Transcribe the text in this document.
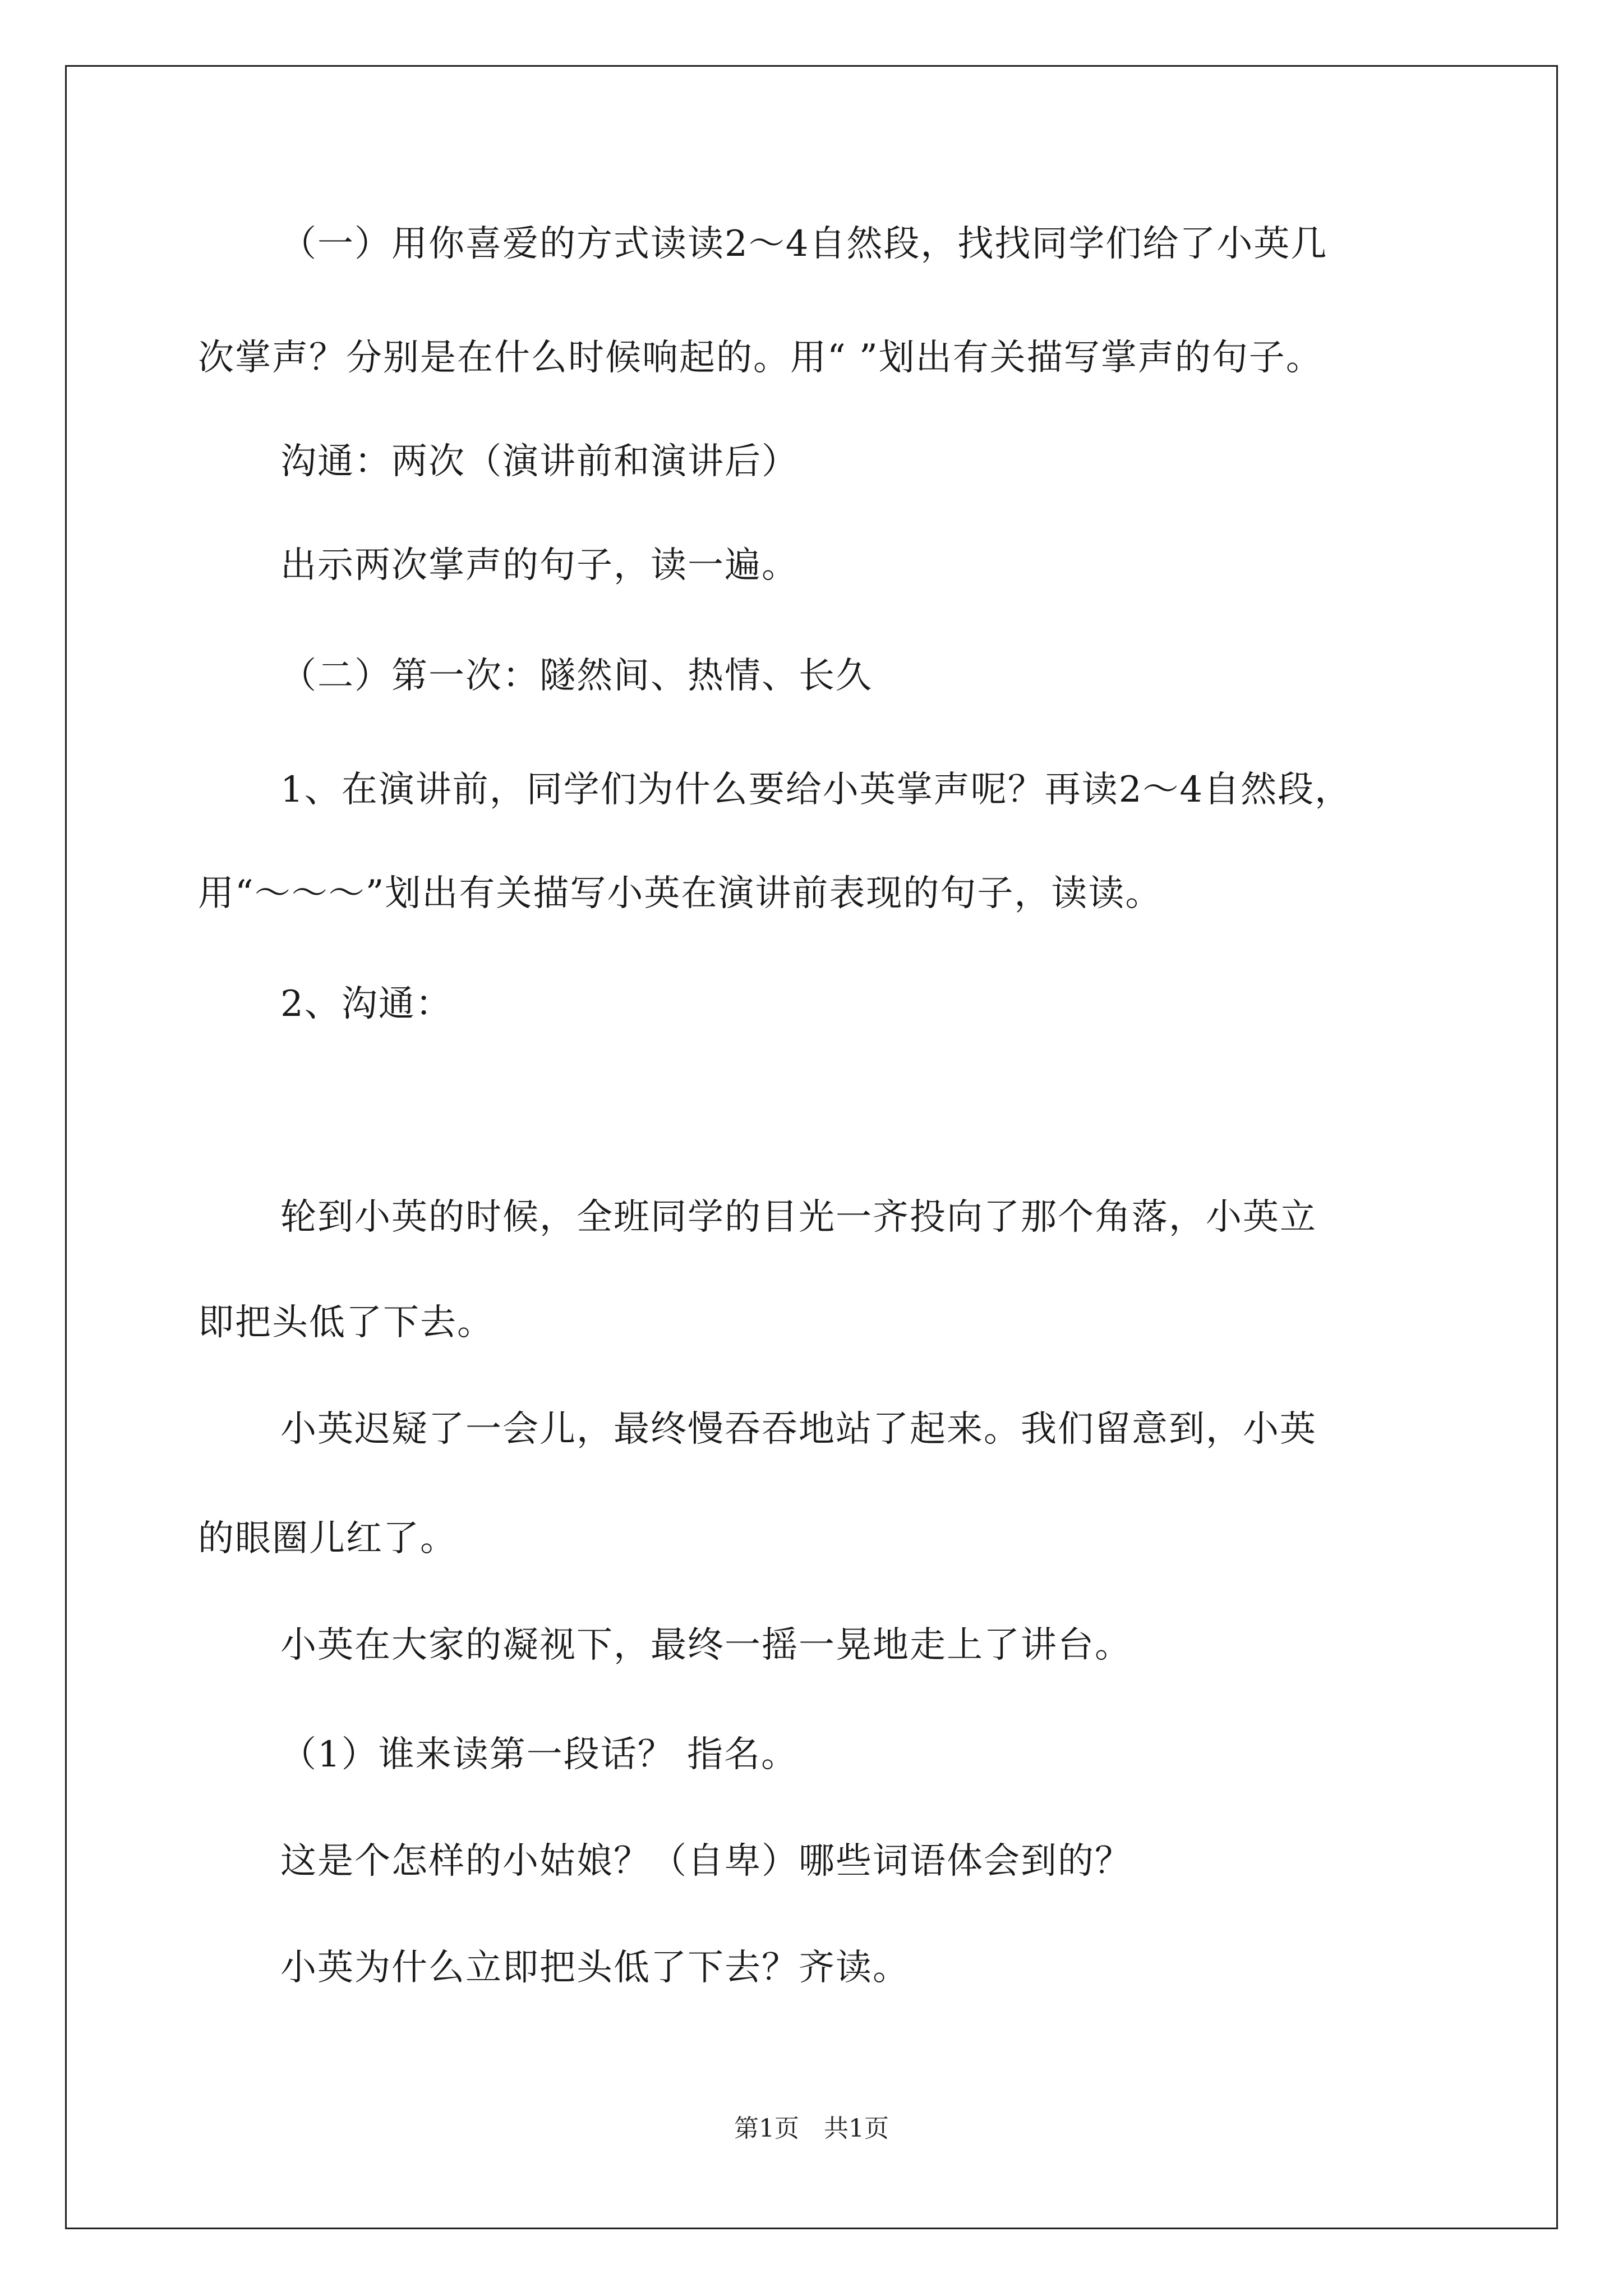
（一）用你喜爱的方式读读2～4自然段，找找同学们给了小英几
次掌声？分别是在什么时候响起的。用“ ”划出有关描写掌声的句子。
沟通：两次（演讲前和演讲后）
出示两次掌声的句子，读一遍。
（二）第一次：隧然间、热情、长久
1、在演讲前，同学们为什么要给小英掌声呢？再读2～4自然段，
用“～～～”划出有关描写小英在演讲前表现的句子，读读。
2、沟通：
轮到小英的时候，全班同学的目光一齐投向了那个角落，小英立
即把头低了下去。
小英迟疑了一会儿，最终慢吞吞地站了起来。我们留意到，小英
的眼圈儿红了。
小英在大家的凝视下，最终一摇一晃地走上了讲台。
（1）谁来读第一段话？ 指名。
这是个怎样的小姑娘？（自卑）哪些词语体会到的？
小英为什么立即把头低了下去？齐读。
第1页　共1页
